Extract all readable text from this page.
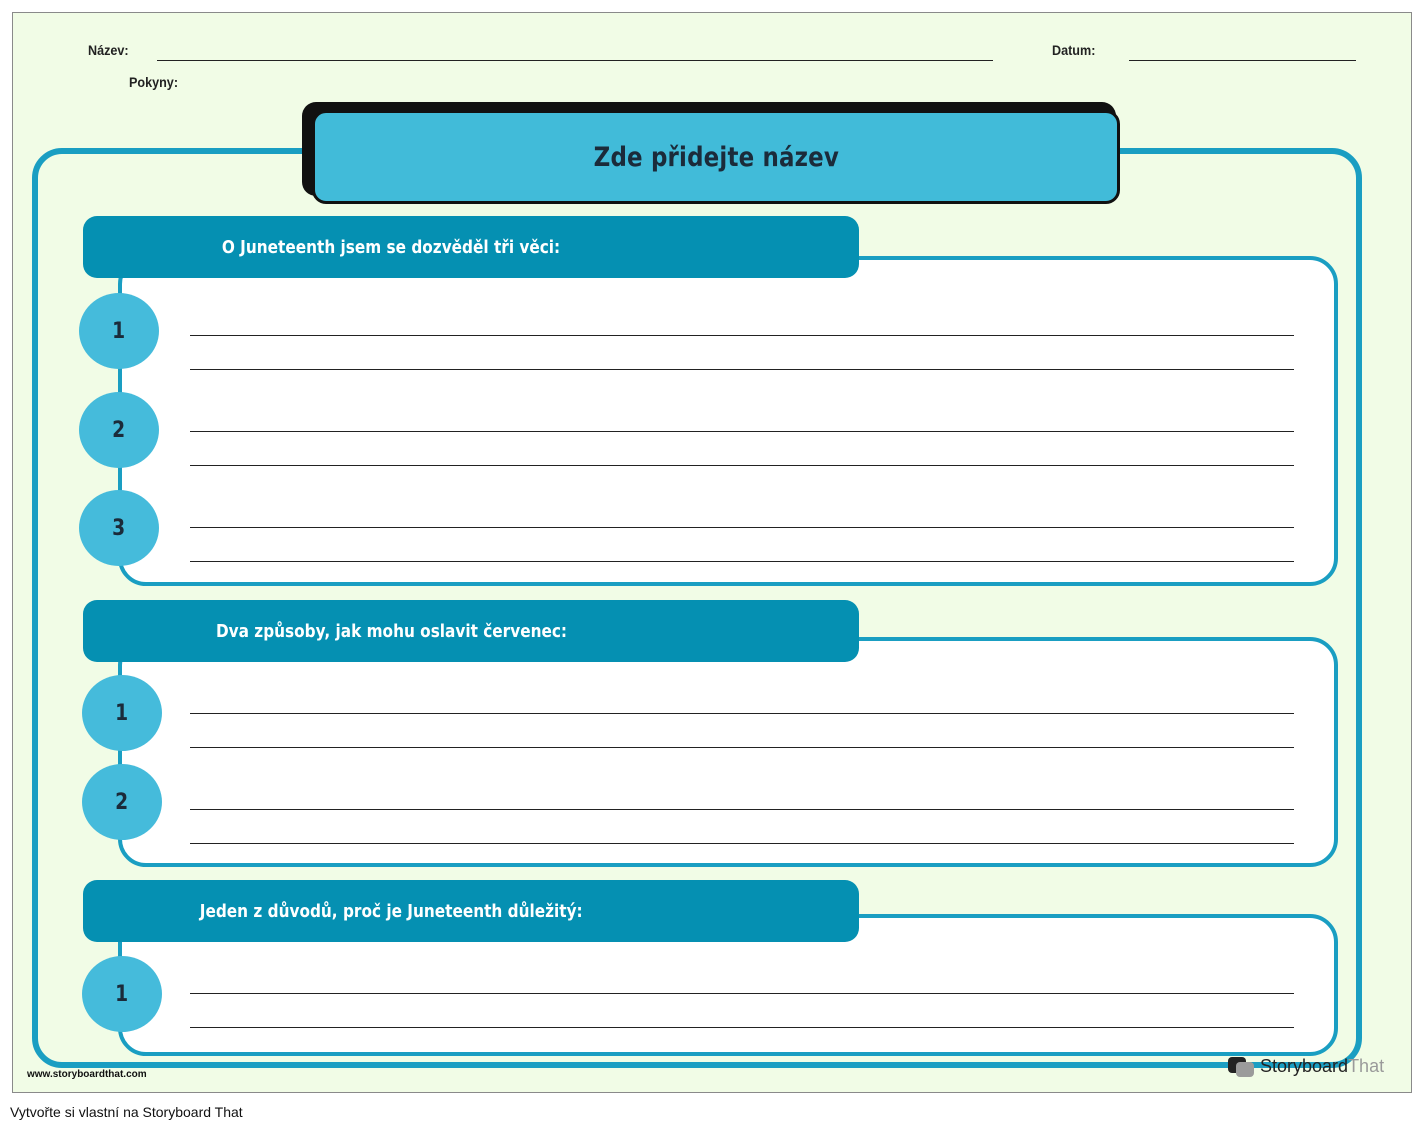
Název:	Datum:
Pokyny:
Zde přidejte název
O Juneteenth jsem se dozvěděl tři věci:
1
2
3
Dva způsoby, jak mohu oslavit červenec:
1
2
Jeden z důvodů, proč je Juneteenth důležitý:
1
www.storyboardthat.com	StoryboardThat
Vytvořte si vlastní na Storyboard That
